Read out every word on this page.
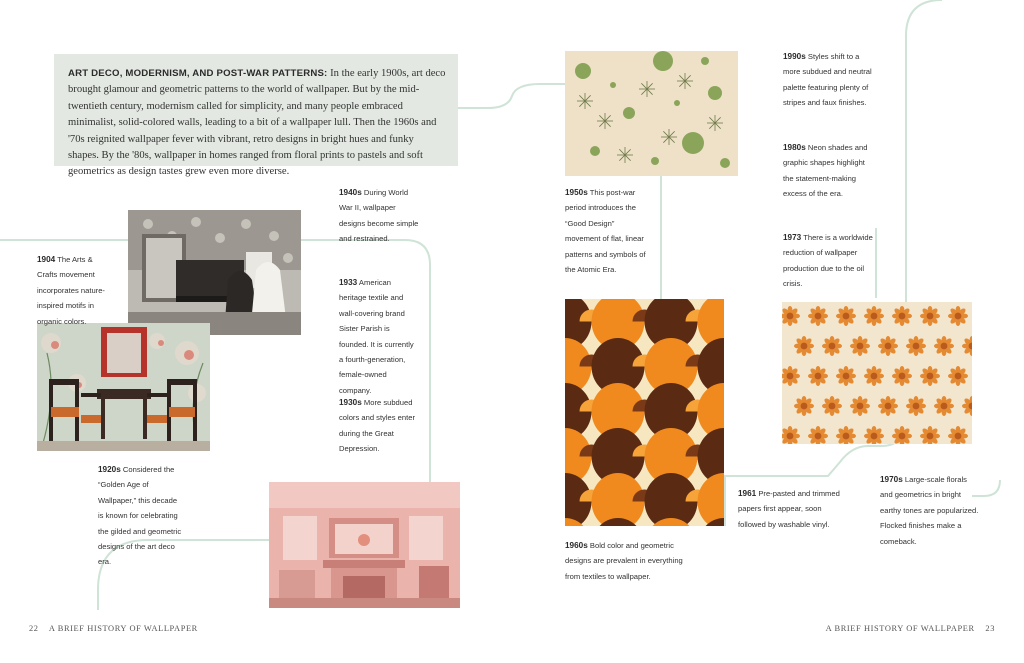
ART DECO, MODERNISM, AND POST-WAR PATTERNS: In the early 1900s, art deco brought glamour and geometric patterns to the world of wallpaper. But by the mid-twentieth century, modernism called for simplicity, and many people embraced minimalist, solid-colored walls, leading to a bit of a wallpaper lull. Then the 1960s and '70s reignited wallpaper fever with vibrant, retro designs in bright hues and funky shapes. By the '80s, wallpaper in homes ranged from floral prints to pastels and soft geometrics as design tastes grew even more diverse.
1904 The Arts & Crafts movement incorporates nature-inspired motifs in organic colors.
1920s Considered the “Golden Age of Wallpaper,” this decade is known for celebrating the gilded and geometric designs of the art deco era.
1940s During World War II, wallpaper designs become simple and restrained.
1933 American heritage textile and wall-covering brand Sister Parish is founded. It is currently a fourth-generation, female-owned company.
1930s More subdued colors and styles enter during the Great Depression.
1950s This post-war period introduces the “Good Design” movement of flat, linear patterns and symbols of the Atomic Era.
1960s Bold color and geometric designs are prevalent in everything from textiles to wallpaper.
1961 Pre-pasted and trimmed papers first appear, soon followed by washable vinyl.
1990s Styles shift to a more subdued and neutral palette featuring plenty of stripes and faux finishes.
1980s Neon shades and graphic shapes highlight the statement-making excess of the era.
1973 There is a worldwide reduction of wallpaper production due to the oil crisis.
1970s Large-scale florals and geometrics in bright earthy tones are popularized. Flocked finishes make a comeback.
22 A BRIEF HISTORY OF WALLPAPER	A BRIEF HISTORY OF WALLPAPER 23
